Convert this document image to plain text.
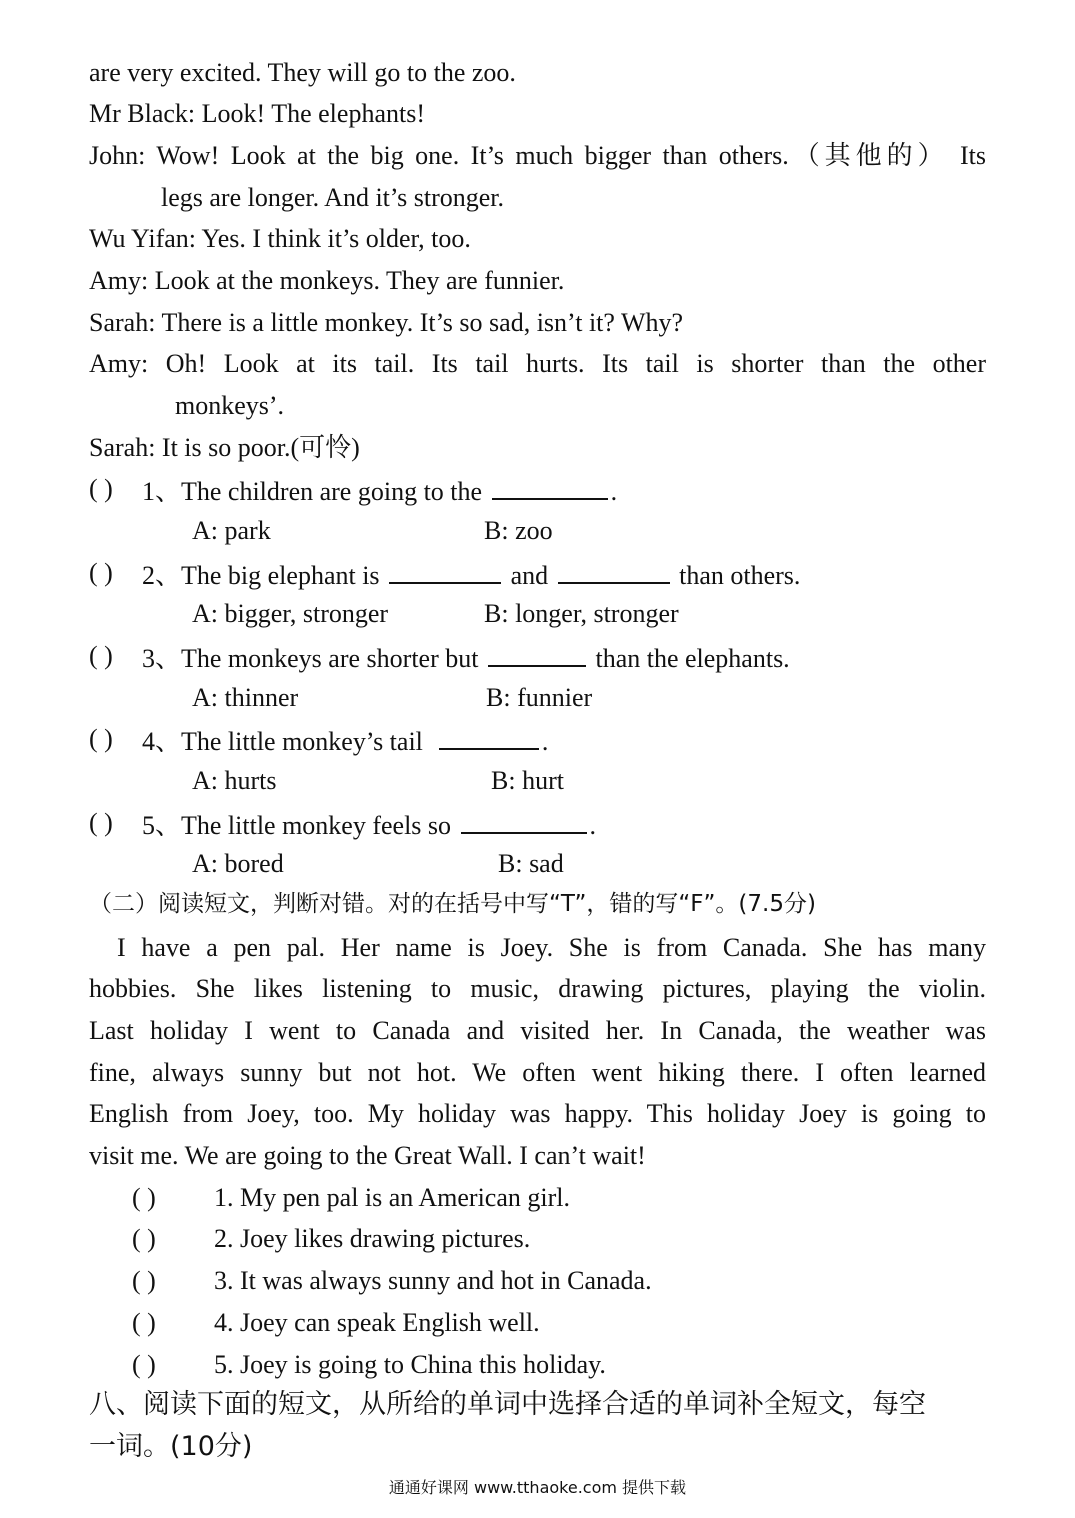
are very excited. They will go to the zoo.
Mr Black: Look! The elephants!
John: Wow! Look at the big one. It’s much bigger than others.（其他的） Its
legs are longer. And it’s stronger.
Wu Yifan: Yes. I think it’s older, too.
Amy: Look at the monkeys. They are funnier.
Sarah: There is a little monkey. It’s so sad, isn’t it? Why?
Amy: Oh! Look at its tail. Its tail hurts. Its tail is shorter than the other
monkeys’.
Sarah: It is so poor.(可怜)
( ) 1、The children are going to the	.
A: park	B: zoo
( ) 2、The big elephant is	and	than others.
A: bigger, stronger	B: longer, stronger
( ) 3、The monkeys are shorter but	than the elephants.
A: thinner	B: funnier
( ) 4、The little monkey’s tail	.
A: hurts	B: hurt
( ) 5、The little monkey feels so	.
A: bored	B: sad
（二）阅读短文，判断对错。对的在括号中写“T”，错的写“F”。(7.5分)
I have a pen pal. Her name is Joey. She is from Canada. She has many
hobbies. She likes listening to music, drawing pictures, playing the violin.
Last holiday I went to Canada and visited her. In Canada, the weather was
fine, always sunny but not hot. We often went hiking there. I often learned
English from Joey, too. My holiday was happy. This holiday Joey is going to
visit me. We are going to the Great Wall. I can’t wait!
( ) 1. My pen pal is an American girl.
( ) 2. Joey likes drawing pictures.
( ) 3. It was always sunny and hot in Canada.
( ) 4. Joey can speak English well.
( ) 5. Joey is going to China this holiday.
八、阅读下面的短文，从所给的单词中选择合适的单词补全短文，每空
一词。(10分)
通通好课网 www.tthaoke.com 提供下载
